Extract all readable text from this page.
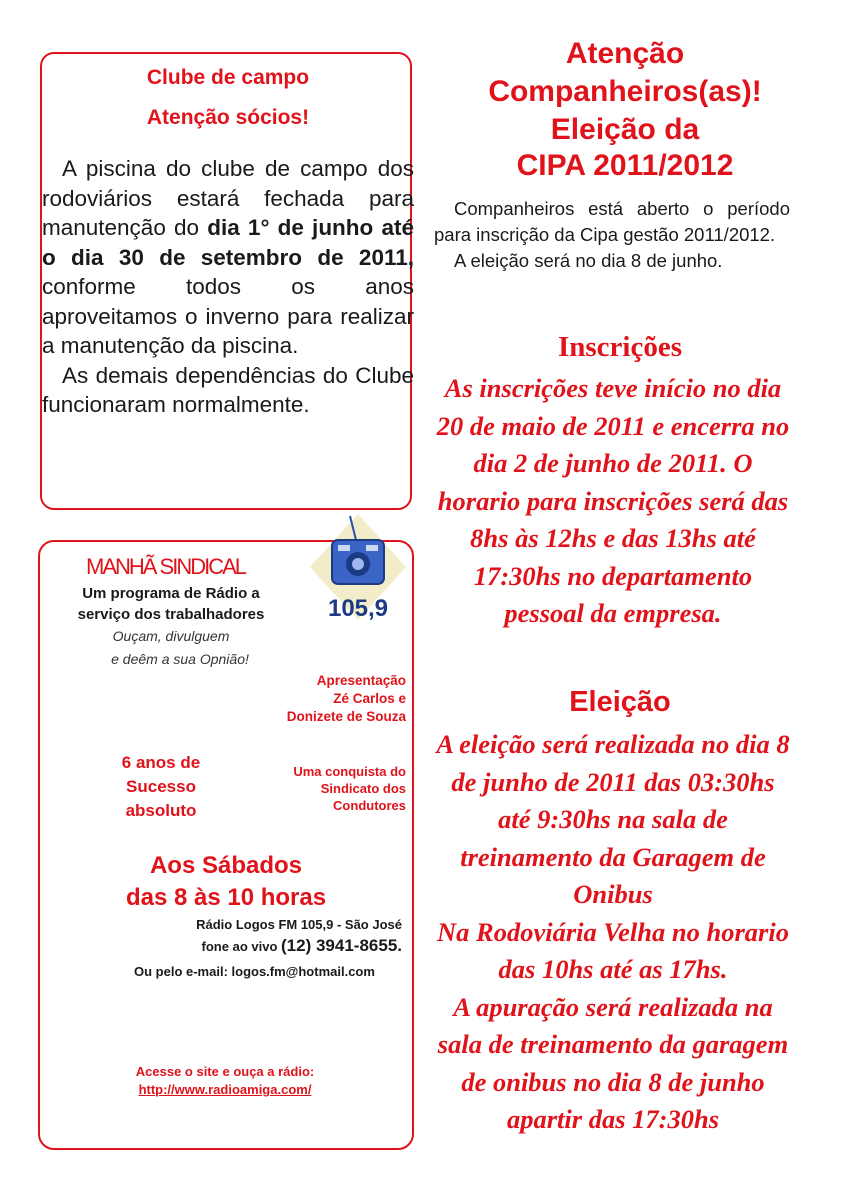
Clube de campo
Atenção sócios!

A piscina do clube de campo dos rodoviários estará fechada para manutenção do dia 1° de junho até o dia 30 de setembro de 2011, conforme todos os anos aproveitamos o inverno para realizar a manutenção da piscina.

As demais dependências do Clube funcionaram normalmente.

MANHÃ SINDICAL
Um programa de Rádio a
serviço dos trabalhadores
Ouçam, divulguem
e deêm a sua Opnião!
105,9
Apresentação
Zé Carlos e
Donizete de Souza
6 anos de
Sucesso
absoluto
Uma conquista do
Sindicato dos
Condutores
Aos Sábados
das 8 às 10 horas
Rádio Logos FM 105,9 - São José
fone ao vivo (12) 3941-8655.
Ou pelo e-mail: logos.fm@hotmail.com
Acesse o site e ouça a rádio:
http://www.radioamiga.com/
Atenção
Companheiros(as)!
Eleição da
CIPA 2011/2012
Companheiros está aberto o período para inscrição da Cipa gestão 2011/2012.
A eleição será no dia 8 de junho.
Inscrições
As inscrições teve início no dia 20 de maio de 2011 e encerra no dia 2 de junho de 2011. O horario para inscrições será das 8hs às 12hs e das 13hs até 17:30hs no departamento pessoal da empresa.
Eleição
A eleição será realizada no dia 8 de junho de 2011 das 03:30hs até 9:30hs na sala de treinamento da Garagem de Onibus
Na Rodoviária Velha no horario das 10hs até as 17hs.
A apuração será realizada na sala de treinamento da garagem de onibus no dia 8 de junho apartir das 17:30hs
